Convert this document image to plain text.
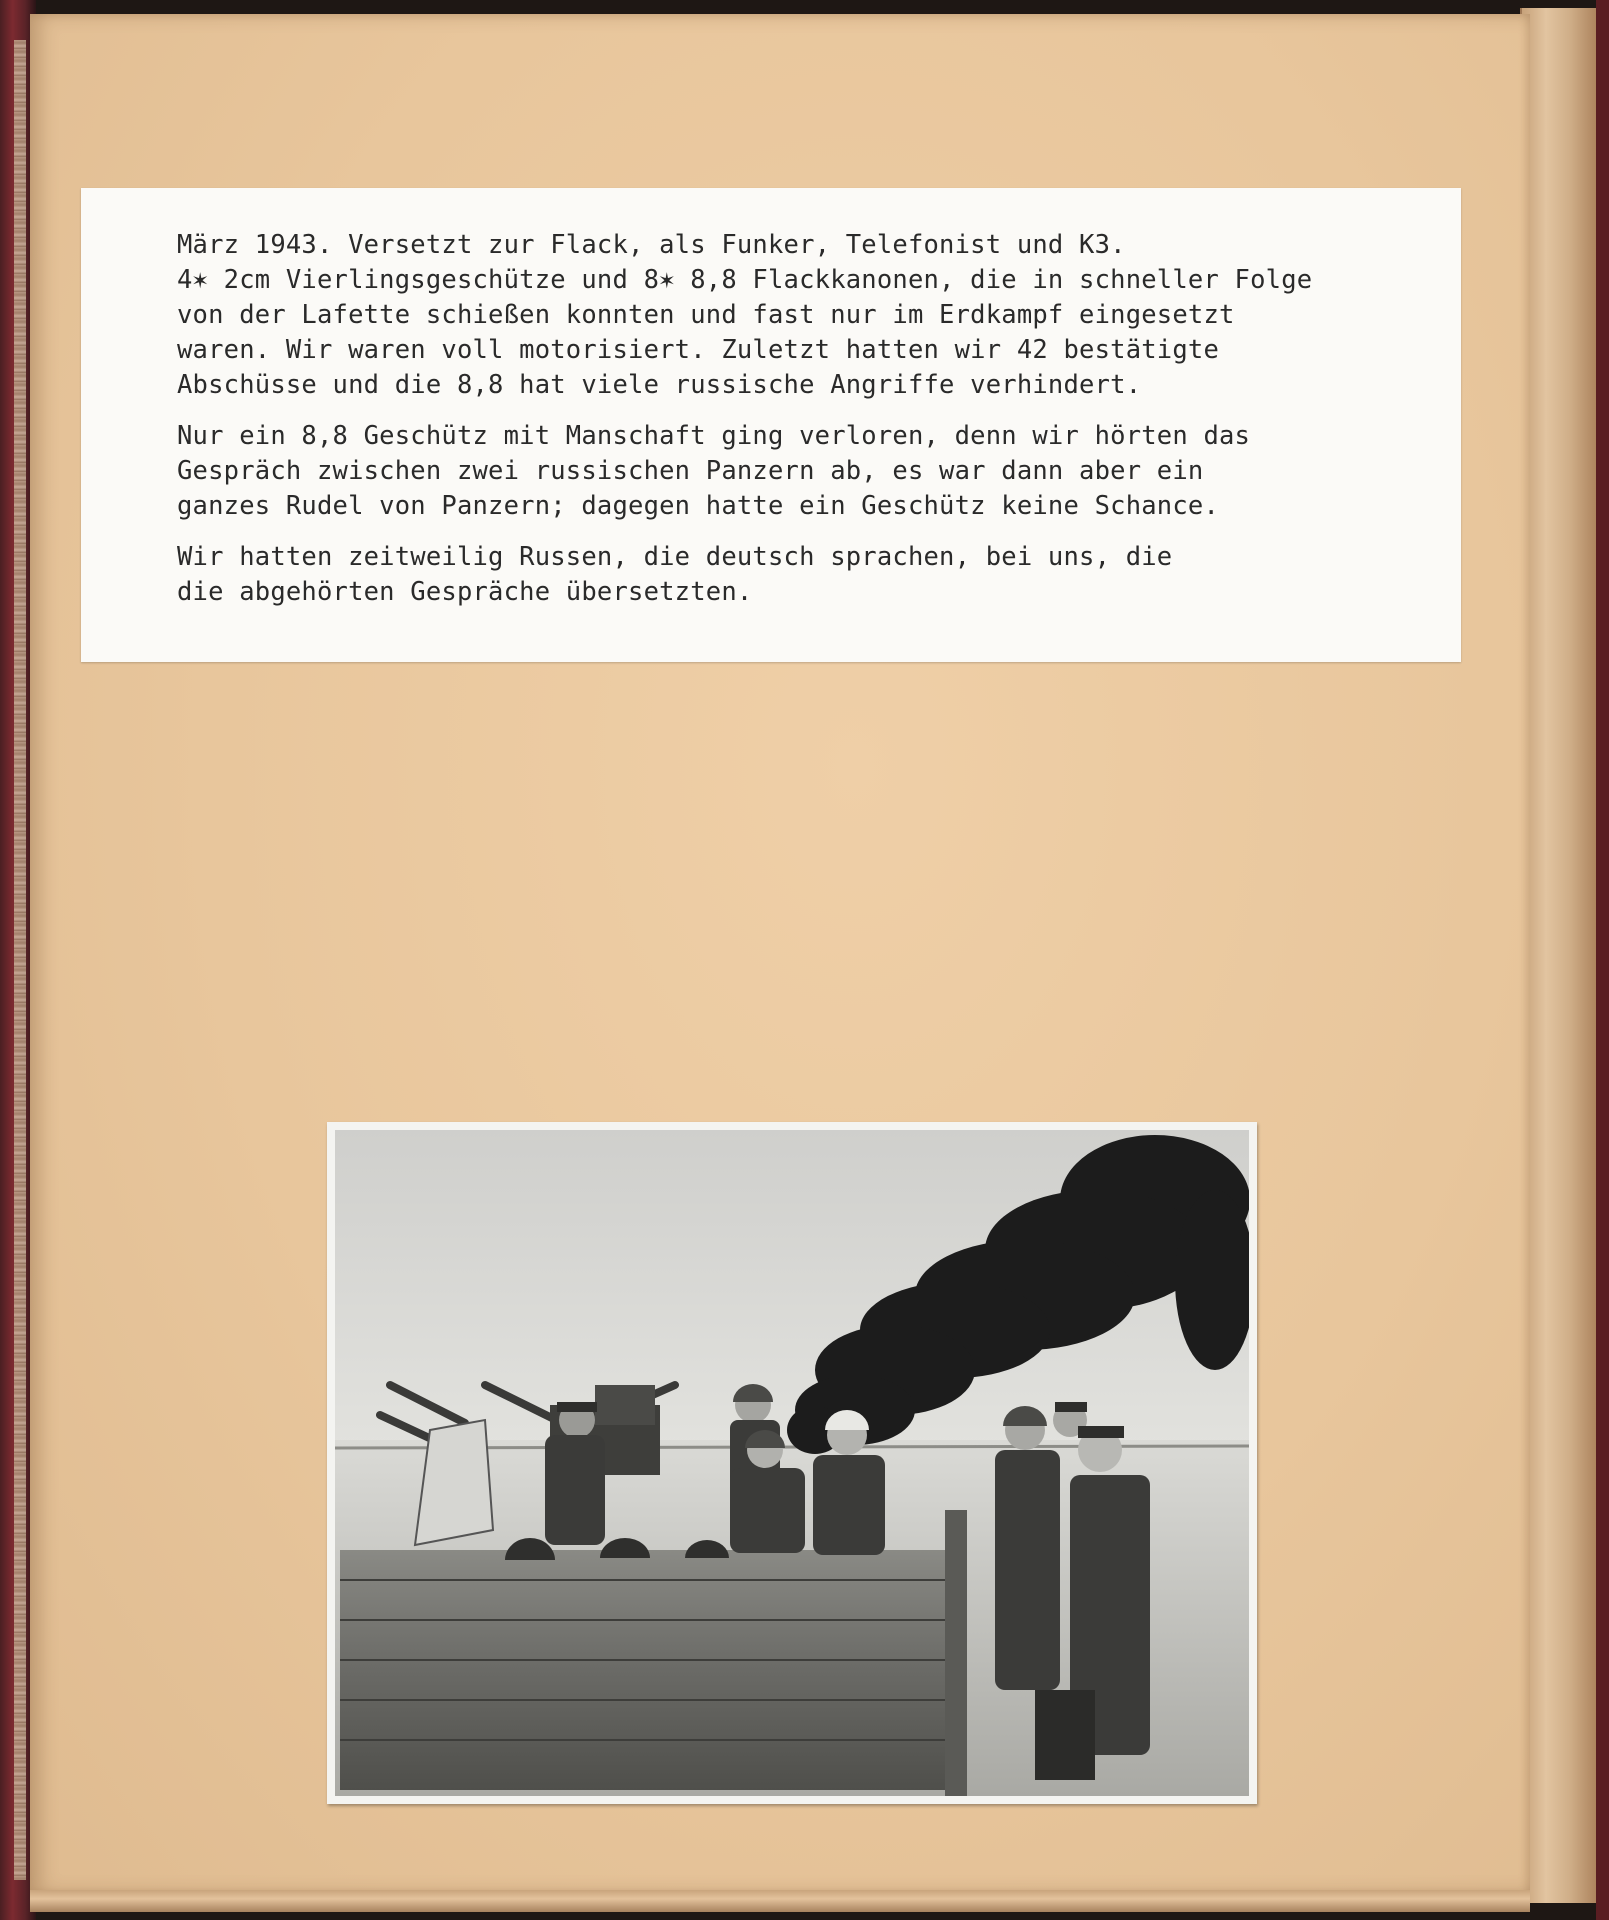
März 1943. Versetzt zur Flack, als Funker, Telefonist und K3.
4✶ 2cm Vierlingsgeschütze und 8✶ 8,8 Flackkanonen, die in schneller Folge
von der Lafette schießen konnten und fast nur im Erdkampf eingesetzt
waren. Wir waren voll motorisiert. Zuletzt hatten wir 42 bestätigte
Abschüsse und die 8,8 hat viele russische Angriffe verhindert.

Nur ein 8,8 Geschütz mit Manschaft ging verloren, denn wir hörten das
Gespräch zwischen zwei russischen Panzern ab, es war dann aber ein
ganzes Rudel von Panzern; dagegen hatte ein Geschütz keine Schance.

Wir hatten zeitweilig Russen, die deutsch sprachen, bei uns, die
die abgehörten Gespräche übersetzten.
